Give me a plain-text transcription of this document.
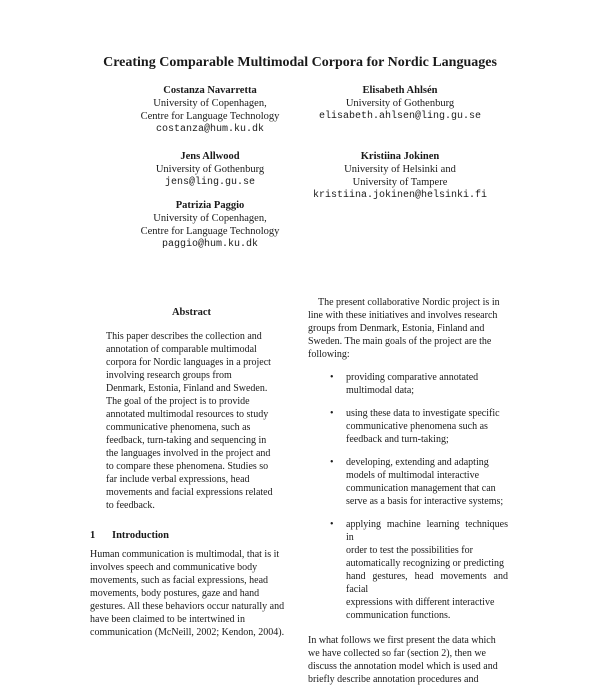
Creating Comparable Multimodal Corpora for Nordic Languages
Costanza Navarretta
University of Copenhagen,
Centre for Language Technology
costanza@hum.ku.dk
Elisabeth Ahlsén
University of Gothenburg
elisabeth.ahlsen@ling.gu.se
Jens Allwood
University of Gothenburg
jens@ling.gu.se
Kristiina Jokinen
University of Helsinki and
University of Tampere
kristiina.jokinen@helsinki.fi
Patrizia Paggio
University of Copenhagen,
Centre for Language Technology
paggio@hum.ku.dk
Abstract
This paper describes the collection and
annotation of comparable multimodal
corpora for Nordic languages in a project
involving research groups from
Denmark, Estonia, Finland and Sweden.
The goal of the project is to provide
annotated multimodal resources to study
communicative phenomena, such as
feedback, turn-taking and sequencing in
the languages involved in the project and
to compare these phenomena. Studies so
far include verbal expressions, head
movements and facial expressions related
to feedback.
1 Introduction
Human communication is multimodal, that is it
involves speech and communicative body
movements, such as facial expressions, head
movements, body postures, gaze and hand
gestures. All these behaviors occur naturally and
have been claimed to be intertwined in
communication (McNeill, 2002; Kendon, 2004).
The present collaborative Nordic project is in
line with these initiatives and involves research
groups from Denmark, Estonia, Finland and
Sweden. The main goals of the project are the
following:
• providing comparative annotated
multimodal data;
• using these data to investigate specific
communicative phenomena such as
feedback and turn-taking;
• developing, extending and adapting
models of multimodal interactive
communication management that can
serve as a basis for interactive systems;
• applying machine learning techniques in
order to test the possibilities for
automatically recognizing or predicting
hand gestures, head movements and facial
expressions with different interactive
communication functions.
In what follows we first present the data which
we have collected so far (section 2), then we
discuss the annotation model which is used and
briefly describe annotation procedures and
